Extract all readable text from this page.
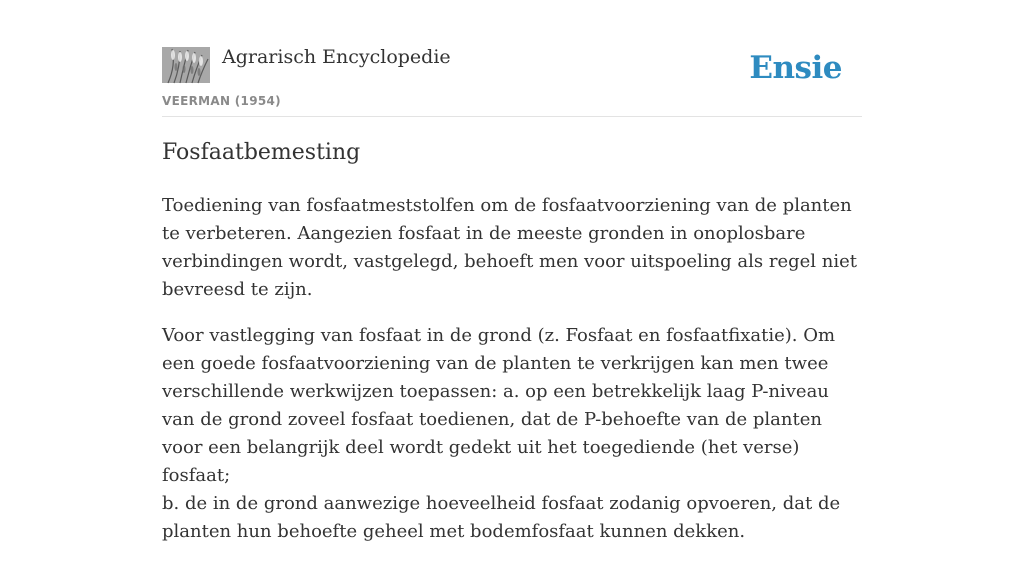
Agrarisch Encyclopedie
VEERMAN (1954)
Ensie
Fosfaatbemesting

Toediening van fosfaatmeststolfen om de fosfaatvoorziening van de planten te verbeteren. Aangezien fosfaat in de meeste gronden in onoplosbare verbindingen wordt, vastgelegd, behoeft men voor uitspoeling als regel niet bevreesd te zijn.

Voor vastlegging van fosfaat in de grond (z. Fosfaat en fosfaatfixatie). Om een goede fosfaatvoorziening van de planten te verkrijgen kan men twee verschillende werkwijzen toepassen: a. op een betrekkelijk laag P-niveau van de grond zoveel fosfaat toedienen, dat de P-behoefte van de planten voor een belangrijk deel wordt gedekt uit het toegediende (het verse) fosfaat;
b. de in de grond aanwezige hoeveelheid fosfaat zodanig opvoeren, dat de planten hun behoefte geheel met bodemfosfaat kunnen dekken.
